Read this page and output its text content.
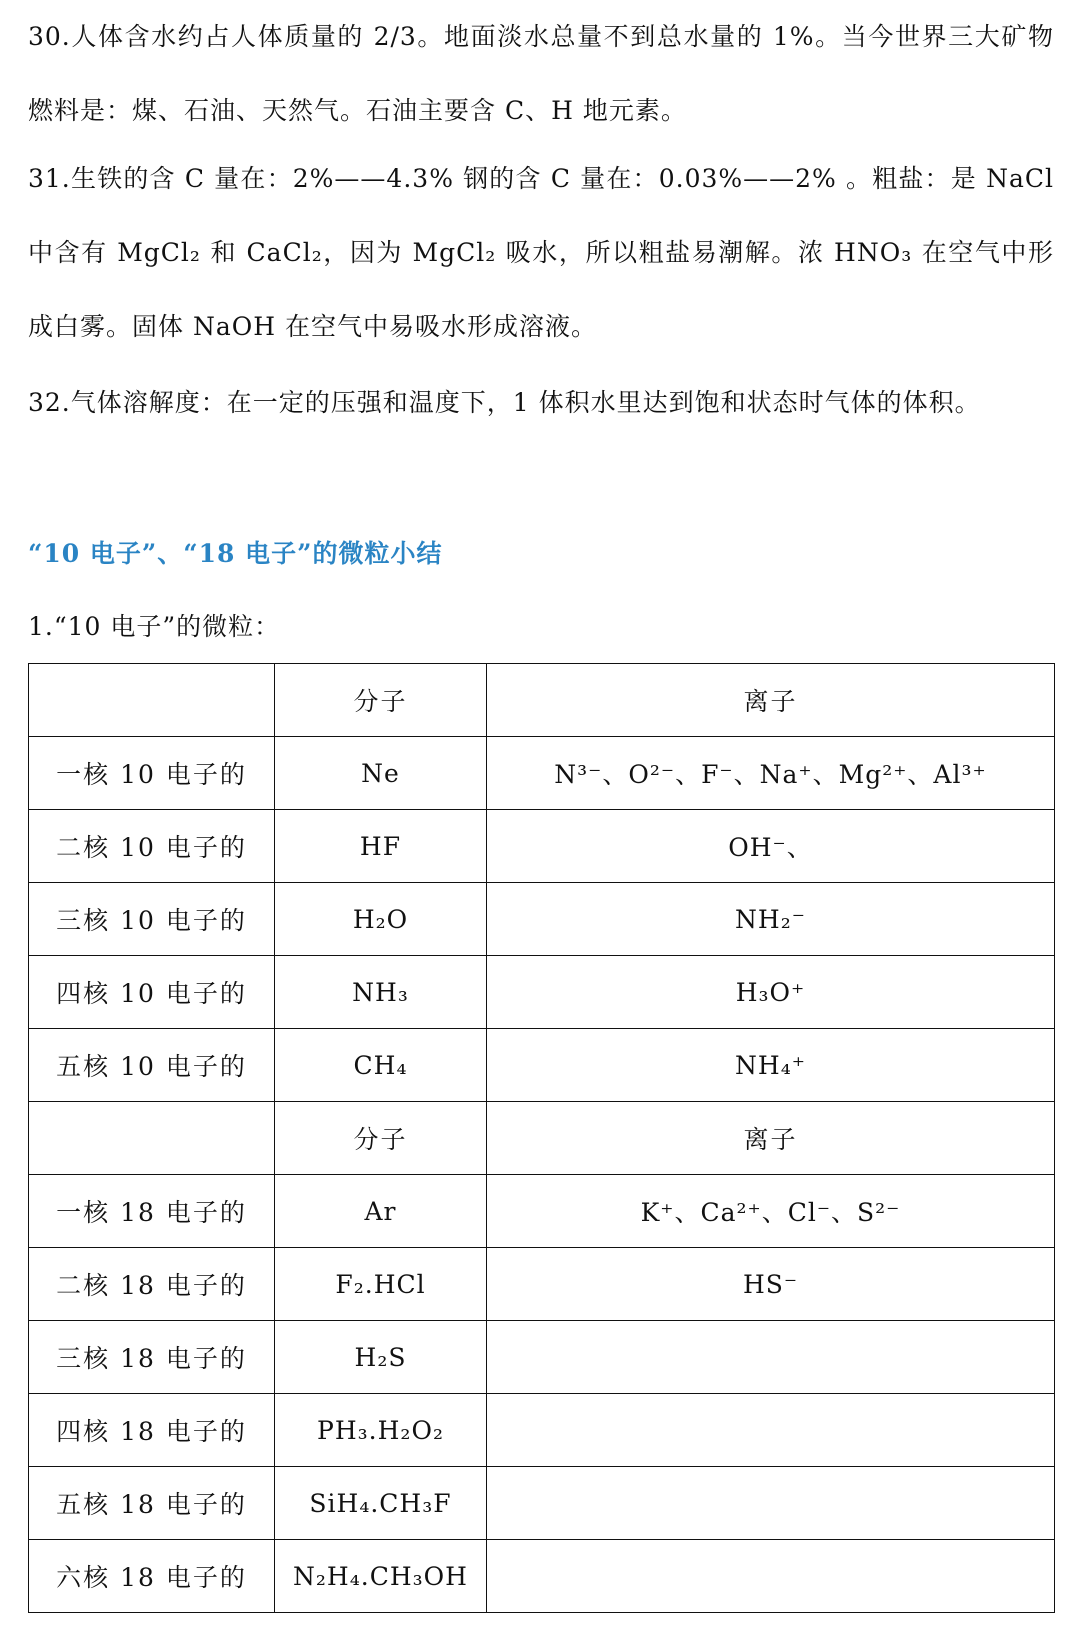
30.人体含水约占人体质量的 2/3。地面淡水总量不到总水量的 1%。当今世界三大矿物燃料是：煤、石油、天然气。石油主要含 C、H 地元素。

31.生铁的含 C 量在：2%——4.3% 钢的含 C 量在：0.03%——2% 。粗盐：是 NaCl 中含有 MgCl₂ 和 CaCl₂，因为 MgCl₂ 吸水，所以粗盐易潮解。浓 HNO₃ 在空气中形成白雾。固体 NaOH 在空气中易吸水形成溶液。

32.气体溶解度：在一定的压强和温度下，1 体积水里达到饱和状态时气体的体积。

“10 电子”、“18 电子”的微粒小结
1.“10 电子”的微粒：
	分子	离子
一核 10 电子的	Ne	N³⁻、O²⁻、F⁻、Na⁺、Mg²⁺、Al³⁺
二核 10 电子的	HF	OH⁻、
三核 10 电子的	H₂O	NH₂⁻
四核 10 电子的	NH₃	H₃O⁺
五核 10 电子的	CH₄	NH₄⁺
	分子	离子
一核 18 电子的	Ar	K⁺、Ca²⁺、Cl⁻、S²⁻
二核 18 电子的	F₂.HCl	HS⁻
三核 18 电子的	H₂S	
四核 18 电子的	PH₃.H₂O₂	
五核 18 电子的	SiH₄.CH₃F	
六核 18 电子的	N₂H₄.CH₃OH	
